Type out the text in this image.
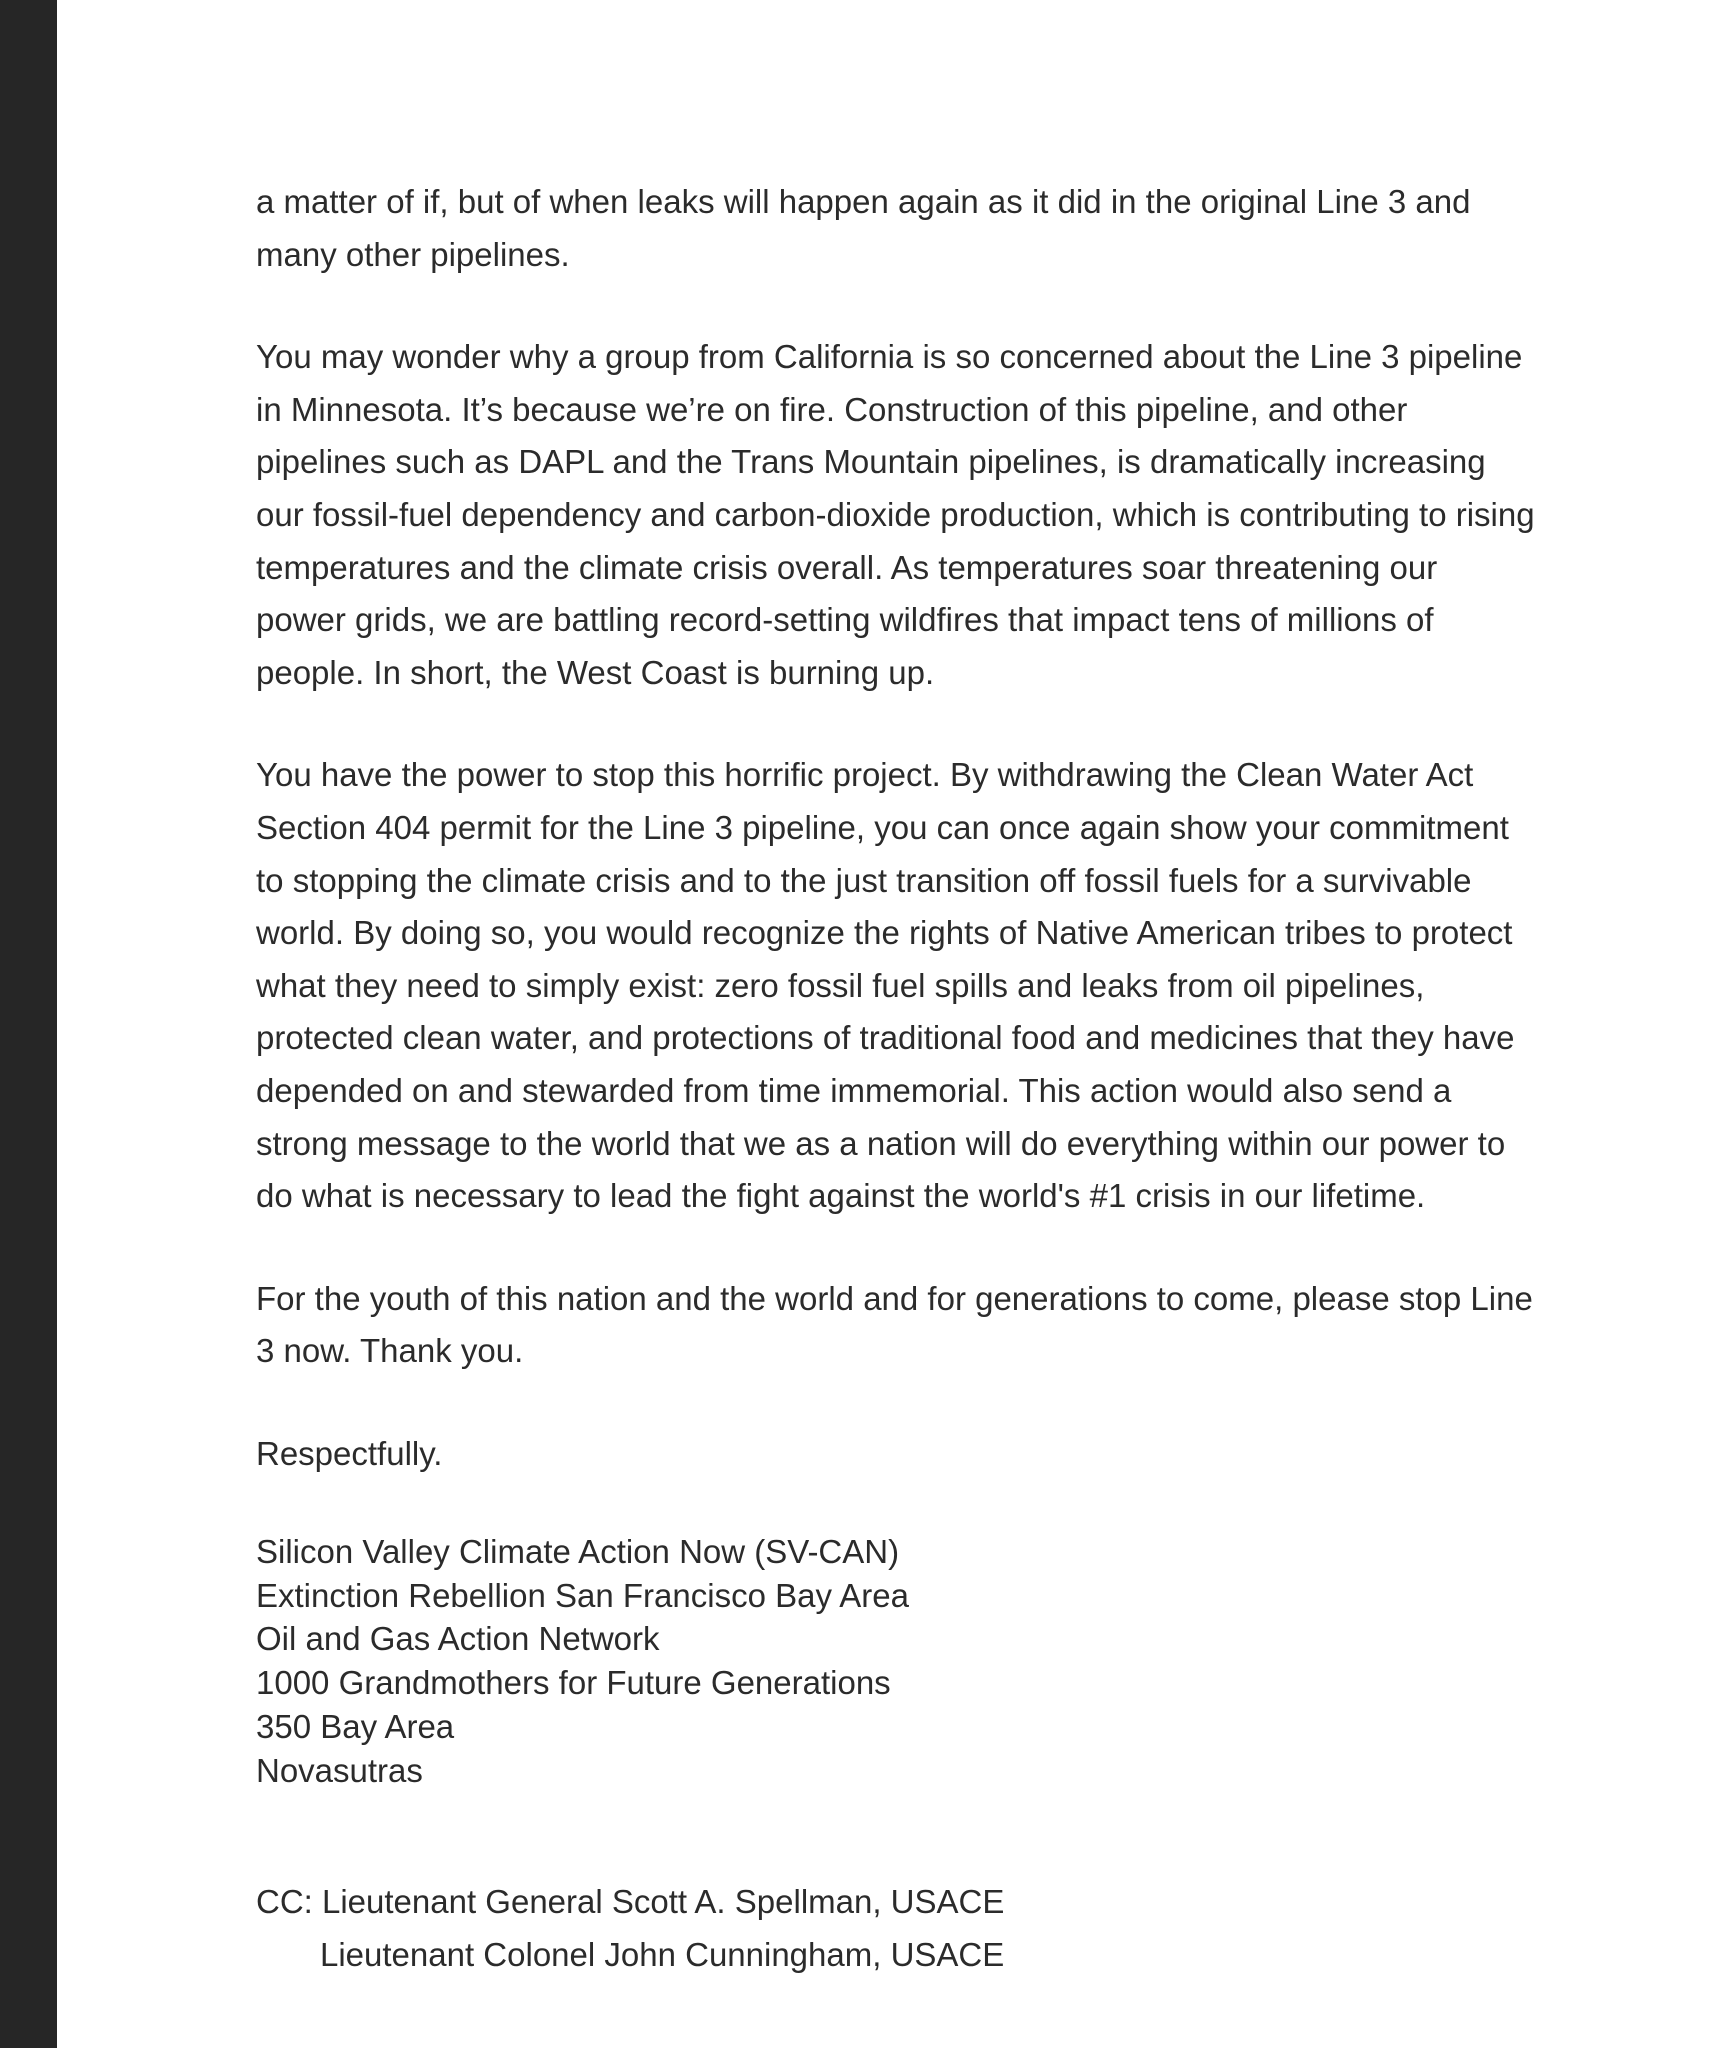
a matter of if, but of when leaks will happen again as it did in the original Line 3 and
many other pipelines.
You may wonder why a group from California is so concerned about the Line 3 pipeline
in Minnesota. It’s because we’re on fire. Construction of this pipeline, and other
pipelines such as DAPL and the Trans Mountain pipelines, is dramatically increasing
our fossil-fuel dependency and carbon-dioxide production, which is contributing to rising
temperatures and the climate crisis overall. As temperatures soar threatening our
power grids, we are battling record-setting wildfires that impact tens of millions of
people. In short, the West Coast is burning up.
You have the power to stop this horrific project. By withdrawing the Clean Water Act
Section 404 permit for the Line 3 pipeline, you can once again show your commitment
to stopping the climate crisis and to the just transition off fossil fuels for a survivable
world. By doing so, you would recognize the rights of Native American tribes to protect
what they need to simply exist: zero fossil fuel spills and leaks from oil pipelines,
protected clean water, and protections of traditional food and medicines that they have
depended on and stewarded from time immemorial. This action would also send a
strong message to the world that we as a nation will do everything within our power to
do what is necessary to lead the fight against the world's #1 crisis in our lifetime.
For the youth of this nation and the world and for generations to come, please stop Line
3 now. Thank you.
Respectfully.
Silicon Valley Climate Action Now (SV-CAN)
Extinction Rebellion San Francisco Bay Area
Oil and Gas Action Network
1000 Grandmothers for Future Generations
350 Bay Area
Novasutras
CC: Lieutenant General Scott A. Spellman, USACE
Lieutenant Colonel John Cunningham, USACE
